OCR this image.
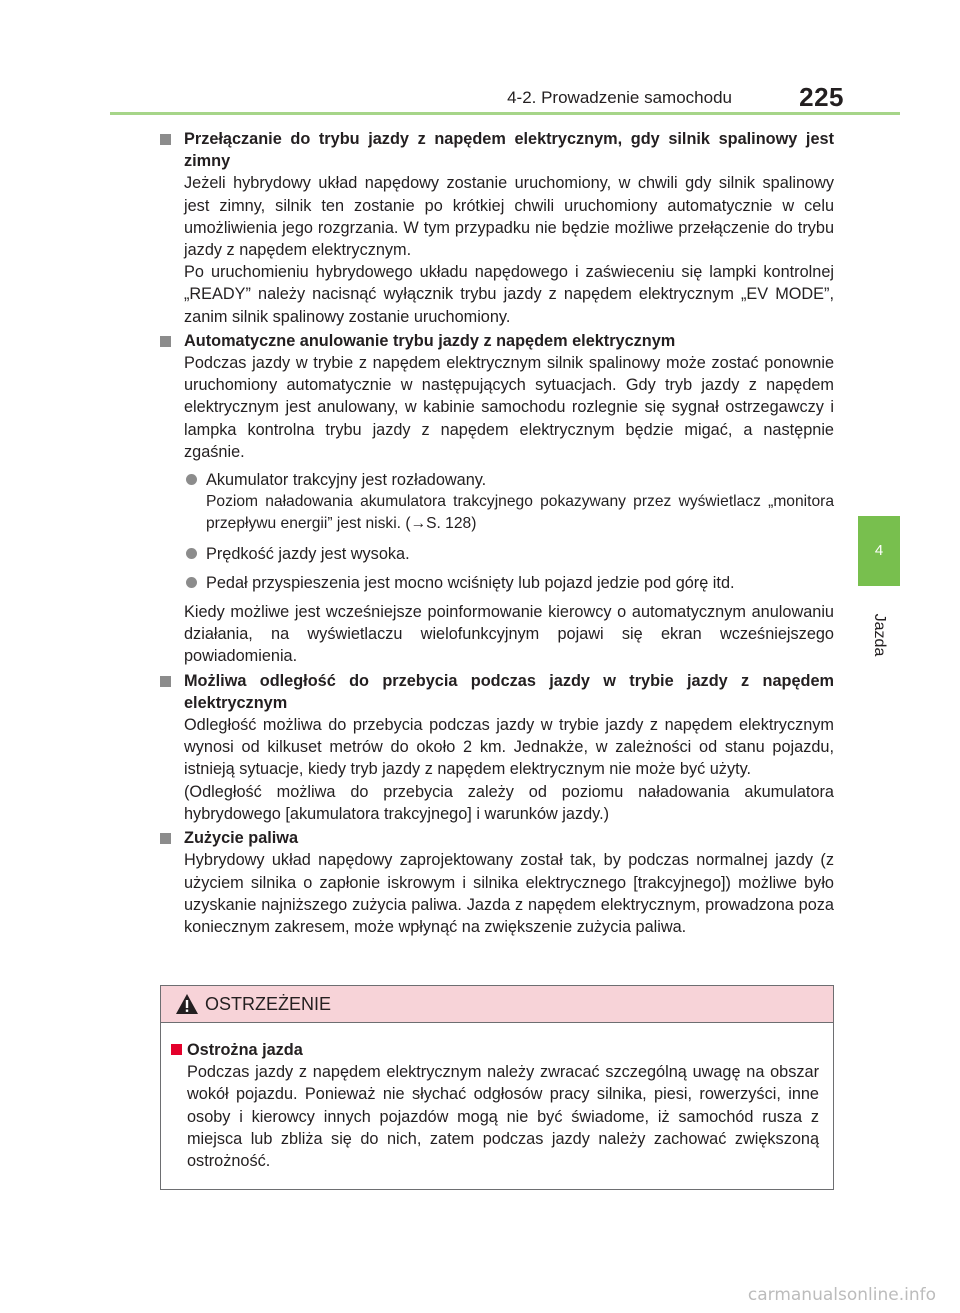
4-2. Prowadzenie samochodu	225
4
Jazda
Przełączanie do trybu jazdy z napędem elektrycznym, gdy silnik spalinowy jest zimny
Jeżeli hybrydowy układ napędowy zostanie uruchomiony, w chwili gdy silnik spalinowy jest zimny, silnik ten zostanie po krótkiej chwili uruchomiony automatycznie w celu umożliwienia jego rozgrzania. W tym przypadku nie będzie możliwe przełączenie do trybu jazdy z napędem elektrycznym.
Po uruchomieniu hybrydowego układu napędowego i zaświeceniu się lampki kontrolnej „READY” należy nacisnąć wyłącznik trybu jazdy z napędem elektrycznym „EV MODE”, zanim silnik spalinowy zostanie uruchomiony.
Automatyczne anulowanie trybu jazdy z napędem elektrycznym
Podczas jazdy w trybie z napędem elektrycznym silnik spalinowy może zostać ponownie uruchomiony automatycznie w następujących sytuacjach. Gdy tryb jazdy z napędem elektrycznym jest anulowany, w kabinie samochodu rozlegnie się sygnał ostrzegawczy i lampka kontrolna trybu jazdy z napędem elektrycznym będzie migać, a następnie zgaśnie.
Akumulator trakcyjny jest rozładowany.
Poziom naładowania akumulatora trakcyjnego pokazywany przez wyświetlacz „monitora przepływu energii” jest niski. (→S. 128)
Prędkość jazdy jest wysoka.
Pedał przyspieszenia jest mocno wciśnięty lub pojazd jedzie pod górę itd.
Kiedy możliwe jest wcześniejsze poinformowanie kierowcy o automatycznym anulowaniu działania, na wyświetlaczu wielofunkcyjnym pojawi się ekran wcześniejszego powiadomienia.
Możliwa odległość do przebycia podczas jazdy w trybie jazdy z napędem elektrycznym
Odległość możliwa do przebycia podczas jazdy w trybie jazdy z napędem elektrycznym wynosi od kilkuset metrów do około 2 km. Jednakże, w zależności od stanu pojazdu, istnieją sytuacje, kiedy tryb jazdy z napędem elektrycznym nie może być użyty.
(Odległość możliwa do przebycia zależy od poziomu naładowania akumulatora hybrydowego [akumulatora trakcyjnego] i warunków jazdy.)
Zużycie paliwa
Hybrydowy układ napędowy zaprojektowany został tak, by podczas normalnej jazdy (z użyciem silnika o zapłonie iskrowym i silnika elektrycznego [trakcyjnego]) możliwe było uzyskanie najniższego zużycia paliwa. Jazda z napędem elektrycznym, prowadzona poza koniecznym zakresem, może wpłynąć na zwiększenie zużycia paliwa.
OSTRZEŻENIE
Ostrożna jazda
Podczas jazdy z napędem elektrycznym należy zwracać szczególną uwagę na obszar wokół pojazdu. Ponieważ nie słychać odgłosów pracy silnika, piesi, rowerzyści, inne osoby i kierowcy innych pojazdów mogą nie być świadome, iż samochód rusza z miejsca lub zbliża się do nich, zatem podczas jazdy należy zachować zwiększoną ostrożność.
carmanualsonline.info
